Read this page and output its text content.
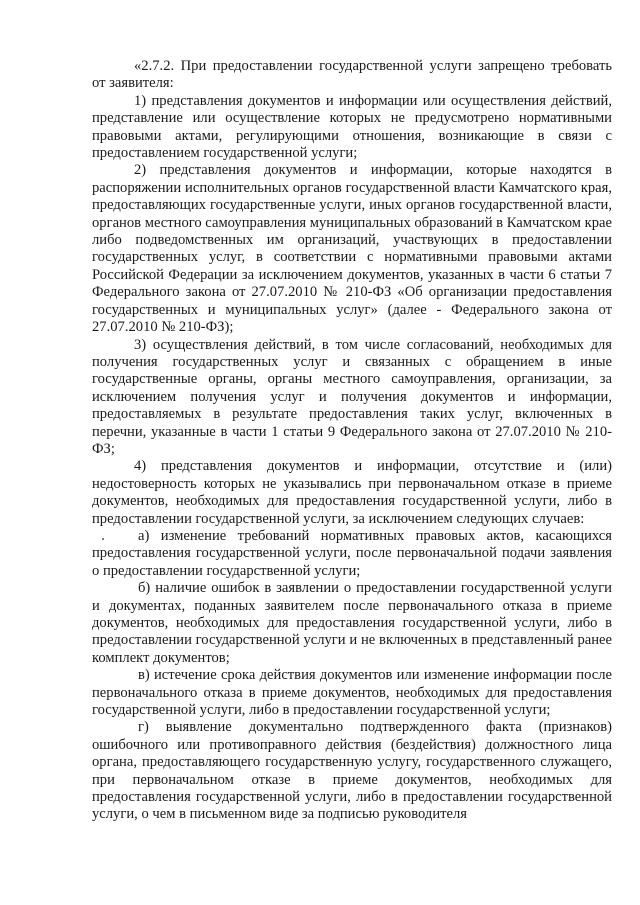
«2.7.2. При предоставлении государственной услуги запрещено требовать от заявителя:

1) представления документов и информации или осуществления действий, представление или осуществление которых не предусмотрено нормативными правовыми актами, регулирующими отношения, возникающие в связи с предоставлением государственной услуги;

2) представления документов и информации, которые находятся в распоряжении исполнительных органов государственной власти Камчатского края, предоставляющих государственные услуги, иных органов государственной власти, органов местного самоуправления муниципальных образований в Камчатском крае либо подведомственных им организаций, участвующих в предоставлении государственных услуг, в соответствии с нормативными правовыми актами Российской Федерации за исключением документов, указанных в части 6 статьи 7 Федерального закона от 27.07.2010 № 210-ФЗ «Об организации предоставления государственных и муниципальных услуг» (далее - Федерального закона от 27.07.2010 № 210-ФЗ);

3) осуществления действий, в том числе согласований, необходимых для получения государственных услуг и связанных с обращением в иные государственные органы, органы местного самоуправления, организации, за исключением получения услуг и получения документов и информации, предоставляемых в результате предоставления таких услуг, включенных в перечни, указанные в части 1 статьи 9 Федерального закона от 27.07.2010 № 210-ФЗ;

4) представления документов и информации, отсутствие и (или) недостоверность которых не указывались при первоначальном отказе в приеме документов, необходимых для предоставления государственной услуги, либо в предоставлении государственной услуги, за исключением следующих случаев:

а) изменение требований нормативных правовых актов, касающихся предоставления государственной услуги, после первоначальной подачи заявления о предоставлении государственной услуги;

б) наличие ошибок в заявлении о предоставлении государственной услуги и документах, поданных заявителем после первоначального отказа в приеме документов, необходимых для предоставления государственной услуги, либо в предоставлении государственной услуги и не включенных в представленный ранее комплект документов;

в) истечение срока действия документов или изменение информации после первоначального отказа в приеме документов, необходимых для предоставления государственной услуги, либо в предоставлении государственной услуги;

г) выявление документально подтвержденного факта (признаков) ошибочного или противоправного действия (бездействия) должностного лица органа, предоставляющего государственную услугу, государственного служащего, при первоначальном отказе в приеме документов, необходимых для предоставления государственной услуги, либо в предоставлении государственной услуги, о чем в письменном виде за подписью руководителя
